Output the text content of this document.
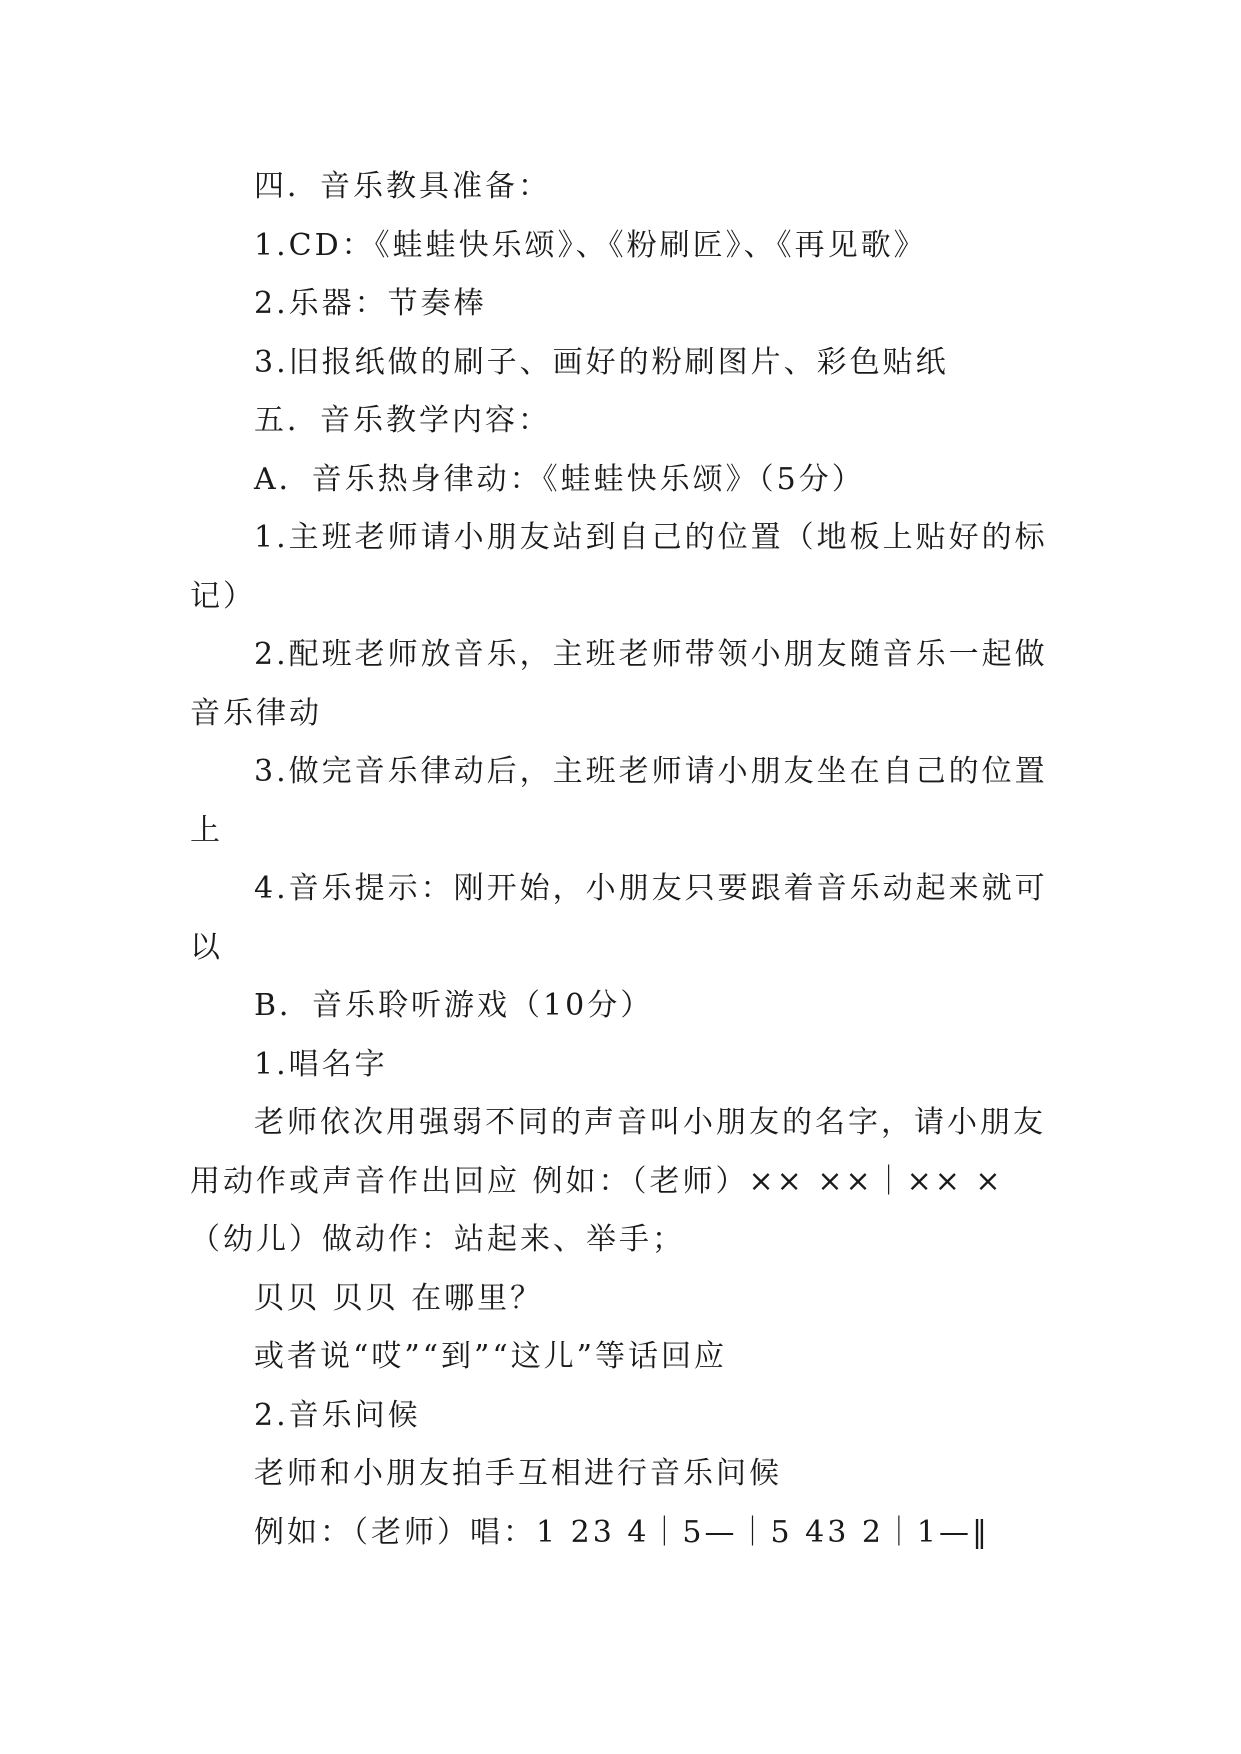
四．音乐教具准备：

1.CD：《蛙蛙快乐颂》、《粉刷匠》、《再见歌》

2.乐器：节奏棒

3.旧报纸做的刷子、画好的粉刷图片、彩色贴纸

五．音乐教学内容：

A．音乐热身律动：《蛙蛙快乐颂》（5分）

1.主班老师请小朋友站到自己的位置（地板上贴好的标记）

2.配班老师放音乐，主班老师带领小朋友随音乐一起做音乐律动

3.做完音乐律动后，主班老师请小朋友坐在自己的位置上

4.音乐提示：刚开始，小朋友只要跟着音乐动起来就可以

B．音乐聆听游戏（10分）

1.唱名字

老师依次用强弱不同的声音叫小朋友的名字，请小朋友用动作或声音作出回应 例如：（老师）×× ××｜×× ×（幼儿）做动作：站起来、举手；

贝贝 贝贝 在哪里？

或者说“哎”“到”“这儿”等话回应

2.音乐问候

老师和小朋友拍手互相进行音乐问候

例如：（老师）唱：1 23 4｜5—｜5 43 2｜1—‖
